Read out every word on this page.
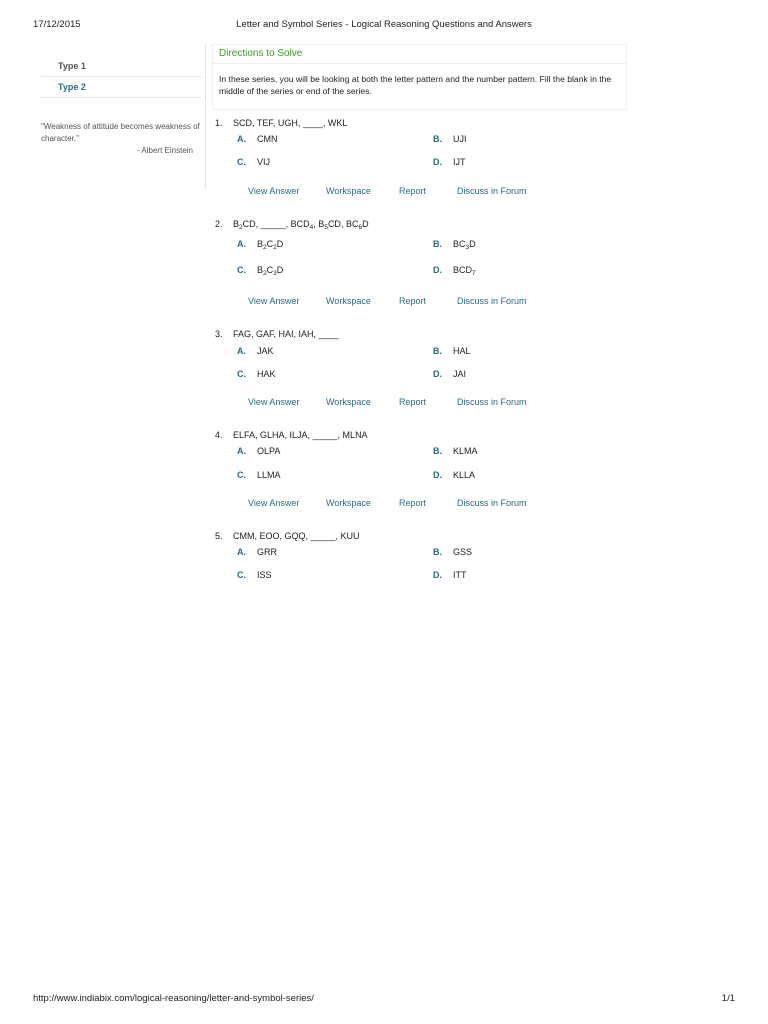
17/12/2015	Letter and Symbol Series - Logical Reasoning Questions and Answers
Type 1
Type 2
"Weakness of attitude becomes weakness of character."
- Albert Einstein
Directions to Solve
In these series, you will be looking at both the letter pattern and the number pattern. Fill the blank in the middle of the series or end of the series.
1. SCD, TEF, UGH, ____, WKL
A. CMN	B. UJI
C. VIJ	D. IJT
View Answer	Workspace	Report	Discuss in Forum
2. $B_2CD$, _____, $BCD_4$, $B_5CD$, $BC_6D$
A. $B_2C_2D$	B. $BC_3D$
C. $B_2C_3D$	D. $BCD_7$
View Answer	Workspace	Report	Discuss in Forum
3. FAG, GAF, HAI, IAH, ____
A. JAK	B. HAL
C. HAK	D. JAI
View Answer	Workspace	Report	Discuss in Forum
4. ELFA, GLHA, ILJA, _____, MLNA
A. OLPA	B. KLMA
C. LLMA	D. KLLA
View Answer	Workspace	Report	Discuss in Forum
5. CMM, EOO, GQQ, _____, KUU
A. GRR	B. GSS
C. ISS	D. ITT
http://www.indiabix.com/logical-reasoning/letter-and-symbol-series/	1/1
